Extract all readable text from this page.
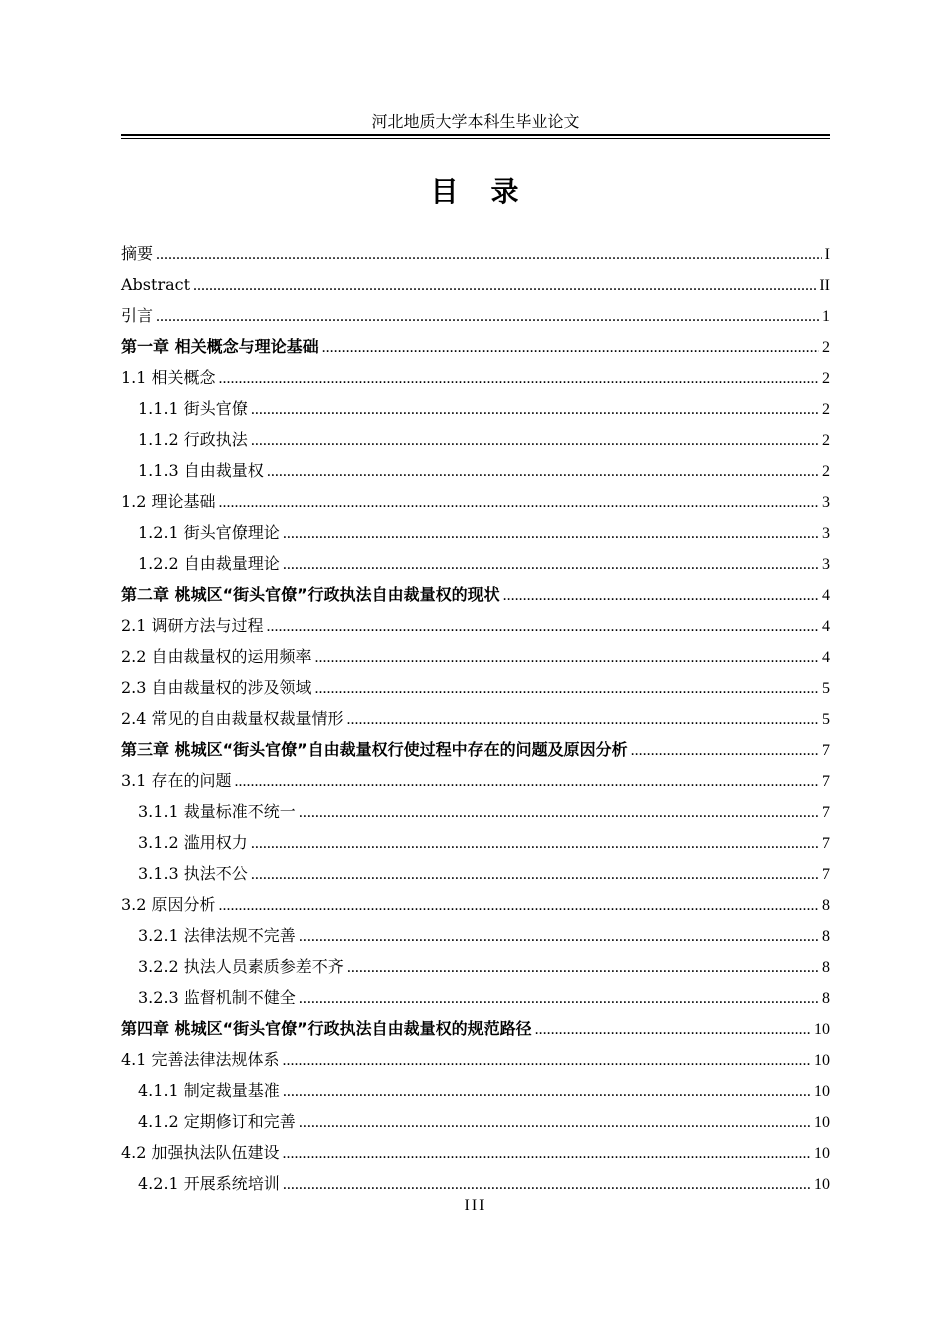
河北地质大学本科生毕业论文
目　录
摘要 .....	I
Abstract .....	II
引言 .....	1
第一章 相关概念与理论基础 .....	2
1.1 相关概念 .....	2
1.1.1 街头官僚 .....	2
1.1.2 行政执法 .....	2
1.1.3 自由裁量权 .....	2
1.2 理论基础 .....	3
1.2.1 街头官僚理论 .....	3
1.2.2 自由裁量理论 .....	3
第二章 桃城区“街头官僚”行政执法自由裁量权的现状 .....	4
2.1 调研方法与过程 .....	4
2.2 自由裁量权的运用频率 .....	4
2.3 自由裁量权的涉及领域 .....	5
2.4 常见的自由裁量权裁量情形 .....	5
第三章 桃城区“街头官僚”自由裁量权行使过程中存在的问题及原因分析 .....	7
3.1 存在的问题 .....	7
3.1.1 裁量标准不统一 .....	7
3.1.2 滥用权力 .....	7
3.1.3 执法不公 .....	7
3.2 原因分析 .....	8
3.2.1 法律法规不完善 .....	8
3.2.2 执法人员素质参差不齐 .....	8
3.2.3 监督机制不健全 .....	8
第四章 桃城区“街头官僚”行政执法自由裁量权的规范路径 .....	10
4.1 完善法律法规体系 .....	10
4.1.1 制定裁量基准 .....	10
4.1.2 定期修订和完善 .....	10
4.2 加强执法队伍建设 .....	10
4.2.1 开展系统培训 .....	10
III
